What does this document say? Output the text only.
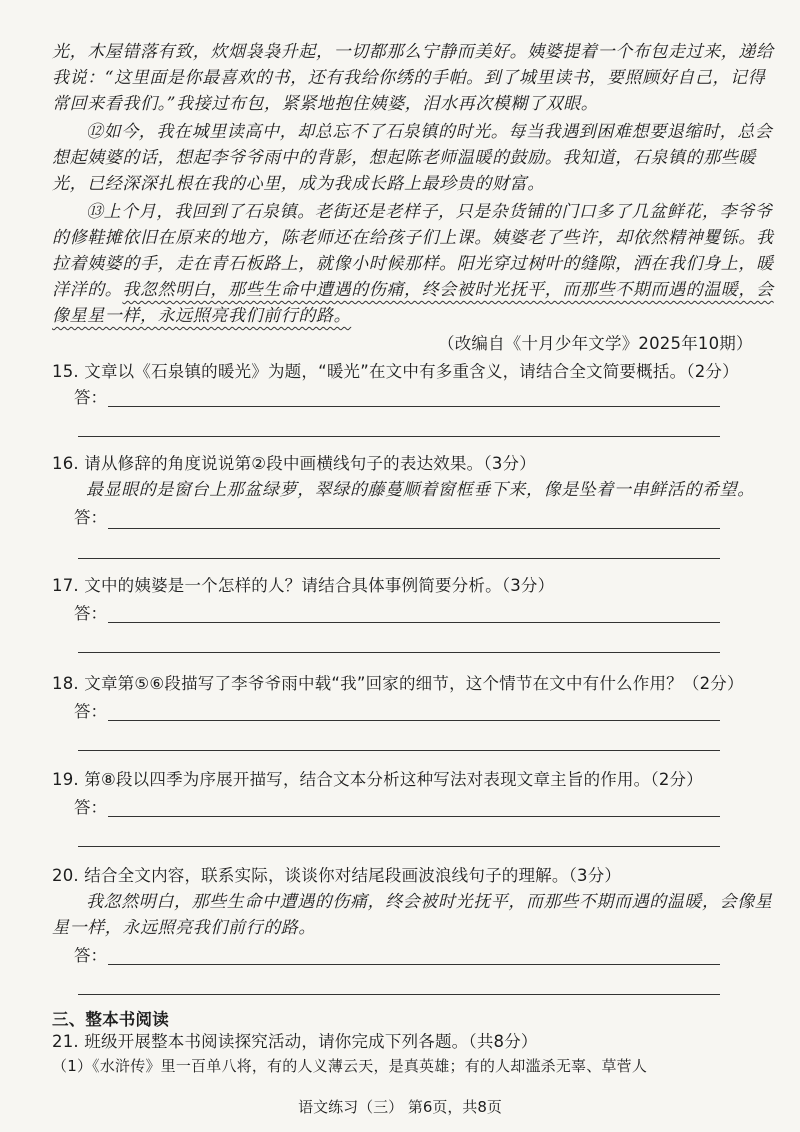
光，木屋错落有致，炊烟袅袅升起，一切都那么宁静而美好。姨婆提着一个布包走过来，递给
我说：“这里面是你最喜欢的书，还有我给你绣的手帕。到了城里读书，要照顾好自己，记得
常回来看我们。”我接过布包，紧紧地抱住姨婆，泪水再次模糊了双眼。
⑫如今，我在城里读高中，却总忘不了石泉镇的时光。每当我遇到困难想要退缩时，总会
想起姨婆的话，想起李爷爷雨中的背影，想起陈老师温暖的鼓励。我知道，石泉镇的那些暖
光，已经深深扎根在我的心里，成为我成长路上最珍贵的财富。
⑬上个月，我回到了石泉镇。老街还是老样子，只是杂货铺的门口多了几盆鲜花，李爷爷
的修鞋摊依旧在原来的地方，陈老师还在给孩子们上课。姨婆老了些许，却依然精神矍铄。我
拉着姨婆的手，走在青石板路上，就像小时候那样。阳光穿过树叶的缝隙，洒在我们身上，暖
洋洋的。我忽然明白，那些生命中遭遇的伤痛，终会被时光抚平，而那些不期而遇的温暖，会
像星星一样，永远照亮我们前行的路。
（改编自《十月少年文学》2025年10期）
15. 文章以《石泉镇的暖光》为题，“暖光”在文中有多重含义，请结合全文简要概括。（2分）
答：
16. 请从修辞的角度说说第②段中画横线句子的表达效果。（3分）
最显眼的是窗台上那盆绿萝，翠绿的藤蔓顺着窗框垂下来，像是坠着一串鲜活的希望。
答：
17. 文中的姨婆是一个怎样的人？请结合具体事例简要分析。（3分）
答：
18. 文章第⑤⑥段描写了李爷爷雨中载“我”回家的细节，这个情节在文中有什么作用？（2分）
答：
19. 第⑧段以四季为序展开描写，结合文本分析这种写法对表现文章主旨的作用。（2分）
答：
20. 结合全文内容，联系实际，谈谈你对结尾段画波浪线句子的理解。（3分）
我忽然明白，那些生命中遭遇的伤痛，终会被时光抚平，而那些不期而遇的温暖，会像星
星一样，永远照亮我们前行的路。
答：
三、整本书阅读
21. 班级开展整本书阅读探究活动，请你完成下列各题。（共8分）
（1）《水浒传》里一百单八将，有的人义薄云天，是真英雄；有的人却滥杀无辜、草菅人
语文练习（三） 第6页，共8页
